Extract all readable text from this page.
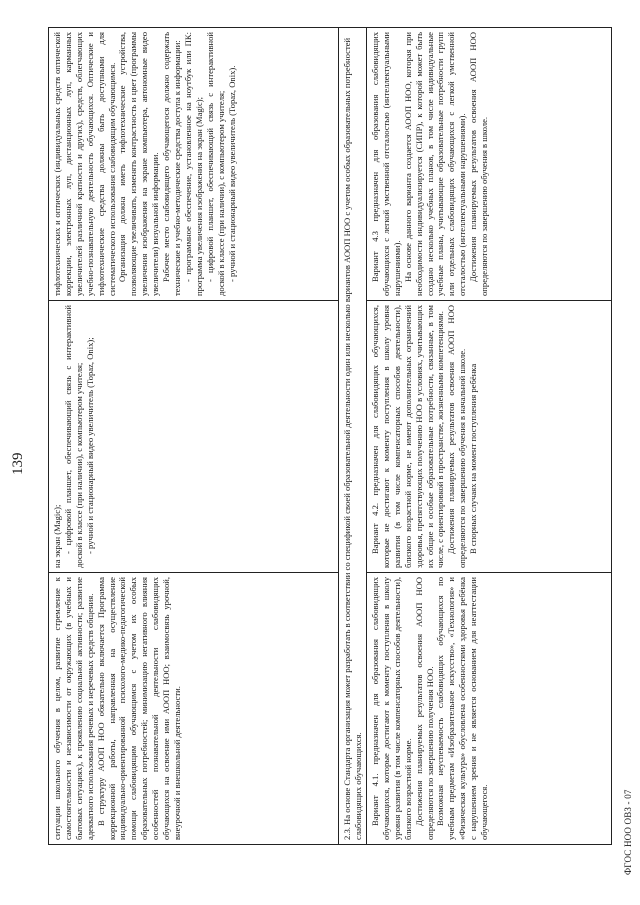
139

ситуации школьного обучения в целом, развитие стремление к самостоятельности и независимости от окружающих (в учебных и бытовых ситуациях), к проявлению социальной активности; развитие адекватного использования речевых и неречевых средств общения. В структуру АООП НОО обязательно включается Программа коррекционной работы, направленная на осуществление индивидуально-ориентированной психолого-медико-педагогической помощи слабовидящим обучающимся с учетом их особых образовательных потребностей; минимизацию негативного влияния особенностей познавательной деятельности слабовидящих обучающихся на освоение ими АООП НОО; взаимосвязь урочной, внеурочной и внешкольной деятельности.

на экран (Magic); - цифровой планшет, обеспечивающий связь с интерактивной доской в классе (при наличии), с компьютером учителя; - ручной и стационарный видео увеличитель (Topaz, Onix);

тифлотехнических и оптических (индивидуальных средств оптической коррекции, электронных луп, дистанционных луп, карманных увеличителей различной кратности и других), средств, облегчающих учебно-познавательную деятельность обучающихся. Оптические и тифлотехнические средства должны быть доступными для систематического использования слабовидящим обучающимся. Организация должна иметь тифлотехнические устройства, позволяющие увеличивать, изменять контрастность и цвет (программы увеличения изображения на экране компьютера, автономные видео увеличители) визуальной информации. Рабочее место слабовидящего обучающегося должно содержать технические и учебно-методические средства доступа к информации: - программное обеспечение, установленное на ноутбук или ПК: программа увеличения изображения на экран (Magic); - цифровой планшет, обеспечивающий связь с интерактивной доской в классе (при наличии), с компьютером учителя; - ручной и стационарный видео увеличитель (Topaz, Onix).	2.3. На основе Стандарта организация может разработать в соответствии со спецификой своей образовательной деятельности один или несколько вариантов АООП НОО с учетом особых образовательных потребностей слабовидящих обучающихся. Вариант 4.1. предназначен для образования слабовидящих обучающихся, которые достигают к моменту поступления в школу уровня развития (в том числе компенсаторных способов деятельности), близкого возрастной норме. Достижения планируемых результатов освоения АООП НОО определяются по завершению получения НОО. Возможная неуспеваемость слабовидящих обучающихся по учебным предметам «Изобразительное искусство», «Технология» и «Физическая культура» обусловлена особенностями здоровья ребёнка с нарушением зрения и не является основанием для неаттестации обучающегося.

Вариант 4.2. предназначен для слабовидящих обучающихся, которые не достигают к моменту поступления в школу уровня развития (в том числе компенсаторных способов деятельности), близкого возрастной норме, не имеют дополнительных ограничений здоровья, препятствующих получению НОО в условиях, учитывающих их общие и особые образовательные потребности, связанные, в том числе, с ориентировкой в пространстве, жизненными компетенциями. Достижения планируемых результатов освоения АООП НОО определяются по завершению обучения в начальной школе. В спорных случаях на момент поступления ребёнка

Вариант 4.3 предназначен для образования слабовидящих обучающихся с легкой умственной отсталостью (интеллектуальными нарушениями). На основе данного варианта создается АООП НОО, которая при необходимости индивидуализируется (СИПР), к которой может быть создано несколько учебных планов, в том числе индивидуальные учебные планы, учитывающие образовательные потребности групп или отдельных слабовидящих обучающихся с легкой умственной отсталостью (интеллектуальными нарушениями). Достижения планируемых результатов освоения АООП НОО определяются по завершению обучения в школе.

ФГОС НОО ОВЗ - 07
